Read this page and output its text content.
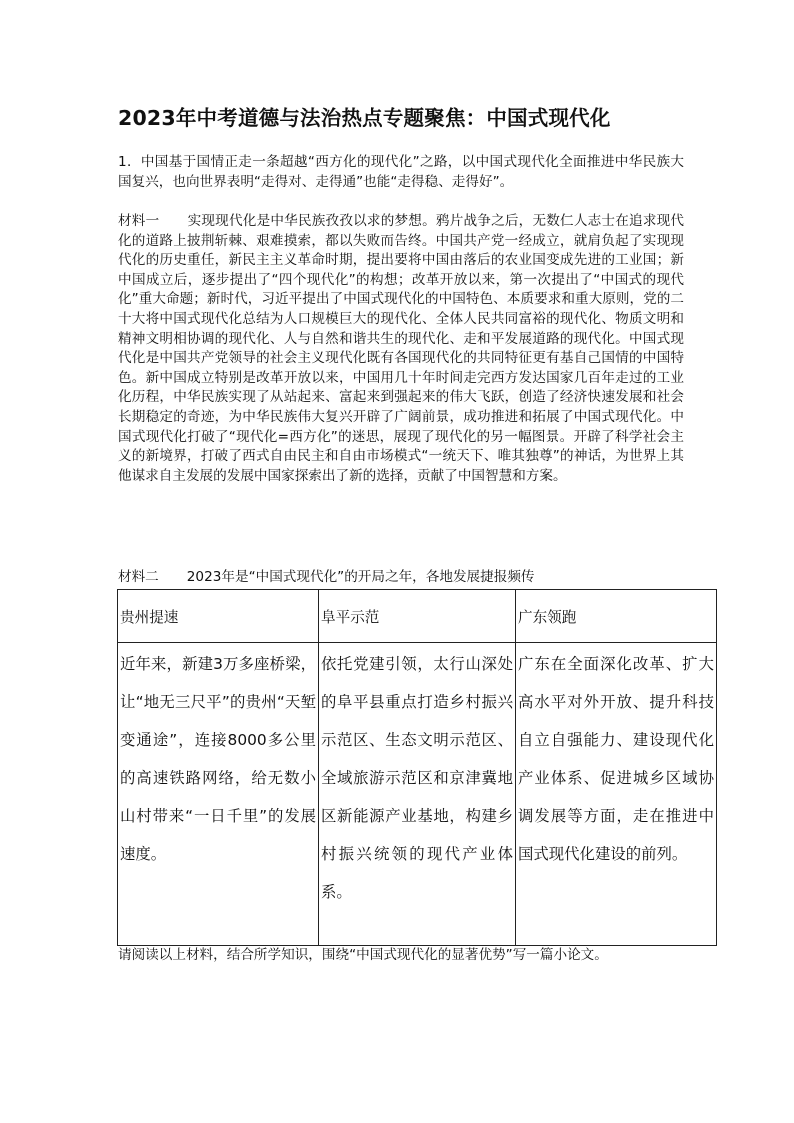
2023年中考道德与法治热点专题聚焦：中国式现代化
1．中国基于国情正走一条超越“西方化的现代化”之路，以中国式现代化全面推进中华民族大国复兴，也向世界表明“走得对、走得通”也能“走得稳、走得好”。
材料一 实现现代化是中华民族孜孜以求的梦想。鸦片战争之后，无数仁人志士在追求现代化的道路上披荆斩棘、艰难摸索，都以失败而告终。中国共产党一经成立，就肩负起了实现现代化的历史重任，新民主主义革命时期，提出要将中国由落后的农业国变成先进的工业国；新中国成立后，逐步提出了“四个现代化”的构想；改革开放以来，第一次提出了“中国式的现代化”重大命题；新时代，习近平提出了中国式现代化的中国特色、本质要求和重大原则，党的二十大将中国式现代化总结为人口规模巨大的现代化、全体人民共同富裕的现代化、物质文明和精神文明相协调的现代化、人与自然和谐共生的现代化、走和平发展道路的现代化。中国式现代化是中国共产党领导的社会主义现代化既有各国现代化的共同特征更有基自己国情的中国特色。新中国成立特别是改革开放以来，中国用几十年时间走完西方发达国家几百年走过的工业化历程，中华民族实现了从站起来、富起来到强起来的伟大飞跃，创造了经济快速发展和社会长期稳定的奇迹，为中华民族伟大复兴开辟了广阔前景，成功推进和拓展了中国式现代化。中国式现代化打破了“现代化=西方化”的迷思，展现了现代化的另一幅图景。开辟了科学社会主义的新境界，打破了西式自由民主和自由市场模式“一统天下、唯其独尊”的神话，为世界上其他谋求自主发展的发展中国家探索出了新的选择，贡献了中国智慧和方案。
材料二 2023年是“中国式现代化”的开局之年，各地发展捷报频传
贵州提速	阜平示范	广东领跑
近年来，新建3万多座桥梁，让“地无三尺平”的贵州“天堑变通途”，连接8000多公里的高速铁路网络，给无数小山村带来“一日千里”的发展速度。	依托党建引领，太行山深处的阜平县重点打造乡村振兴示范区、生态文明示范区、全域旅游示范区和京津冀地区新能源产业基地，构建乡村振兴统领的现代产业体系。	广东在全面深化改革、扩大高水平对外开放、提升科技自立自强能力、建设现代化产业体系、促进城乡区域协调发展等方面，走在推进中国式现代化建设的前列。
请阅读以上材料，结合所学知识，围绕“中国式现代化的显著优势”写一篇小论文。
